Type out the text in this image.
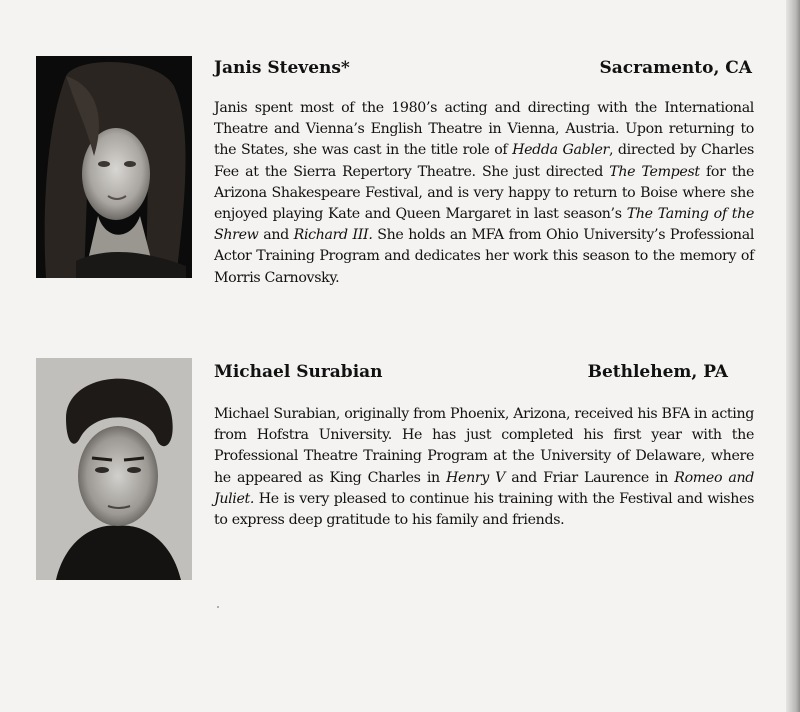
Janis Stevens*	Sacramento, CA
Janis spent most of the 1980’s acting and directing with the International Theatre and Vienna’s English Theatre in Vienna, Austria. Upon returning to the States, she was cast in the title role of Hedda Gabler, directed by Charles Fee at the Sierra Repertory Theatre. She just directed The Tempest for the Arizona Shakespeare Festival, and is very happy to return to Boise where she enjoyed playing Kate and Queen Margaret in last season’s The Taming of the Shrew and Richard III. She holds an MFA from Ohio University’s Professional Actor Training Program and dedicates her work this season to the memory of Morris Carnovsky.
Michael Surabian	Bethlehem, PA
Michael Surabian, originally from Phoenix, Arizona, received his BFA in acting from Hofstra University. He has just completed his first year with the Professional Theatre Training Program at the University of Delaware, where he appeared as King Charles in Henry V and Friar Laurence in Romeo and Juliet. He is very pleased to continue his training with the Festival and wishes to express deep gratitude to his family and friends.
